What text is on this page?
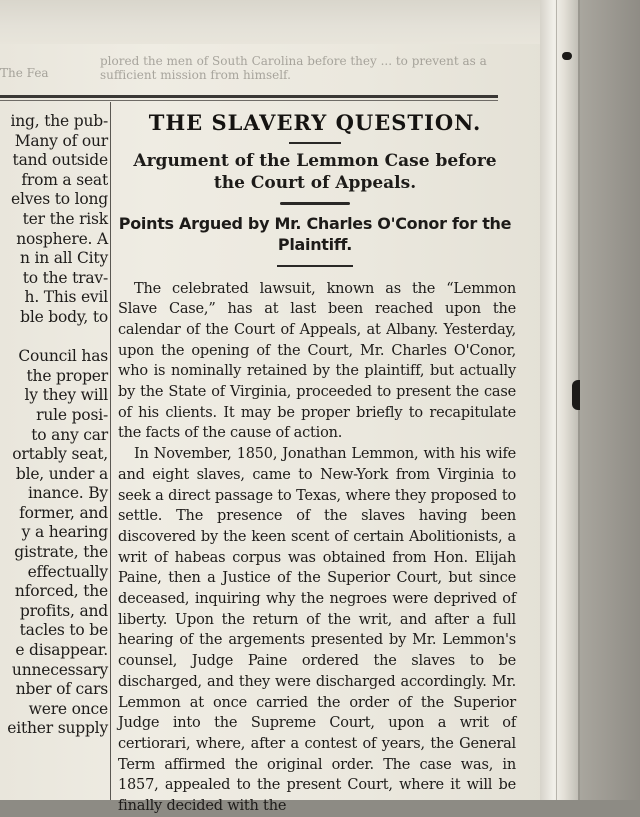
The Fea
plored the men of South Carolina before they ... to prevent as a sufficient mission from himself.
ing, the pub-
Many of our
tand outside
from a seat
elves to long
ter the risk
nosphere. A
n in all City
to the trav-
h. This evil
ble body, to
Council has
the proper
ly they will
rule posi-
to any car
ortably seat,
ble, under a
inance. By
former, and
y a hearing
gistrate, the
effectually
nforced, the
profits, and
tacles to be
e disappear.
unnecessary
nber of cars
were once
either supply
THE SLAVERY QUESTION.
Argument of the Lemmon Case before the Court of Appeals.
Points Argued by Mr. Charles O'Conor for the Plaintiff.

The celebrated lawsuit, known as the “Lemmon Slave Case,” has at last been reached upon the calendar of the Court of Appeals, at Albany. Yesterday, upon the opening of the Court, Mr. Charles O'Conor, who is nominally retained by the plaintiff, but actually by the State of Virginia, proceeded to present the case of his clients. It may be proper briefly to recapitulate the facts of the cause of action.

In November, 1850, Jonathan Lemmon, with his wife and eight slaves, came to New-York from Virginia to seek a direct passage to Texas, where they proposed to settle. The presence of the slaves having been discovered by the keen scent of certain Abolitionists, a writ of habeas corpus was obtained from Hon. Elijah Paine, then a Justice of the Superior Court, but since deceased, inquiring why the negroes were deprived of liberty. Upon the return of the writ, and after a full hearing of the argements presented by Mr. Lemmon's counsel, Judge Paine ordered the slaves to be discharged, and they were discharged accordingly. Mr. Lemmon at once carried the order of the Superior Judge into the Supreme Court, upon a writ of certiorari, where, after a contest of years, the General Term affirmed the original order. The case was, in 1857, appealed to the present Court, where it will be finally decided with the
